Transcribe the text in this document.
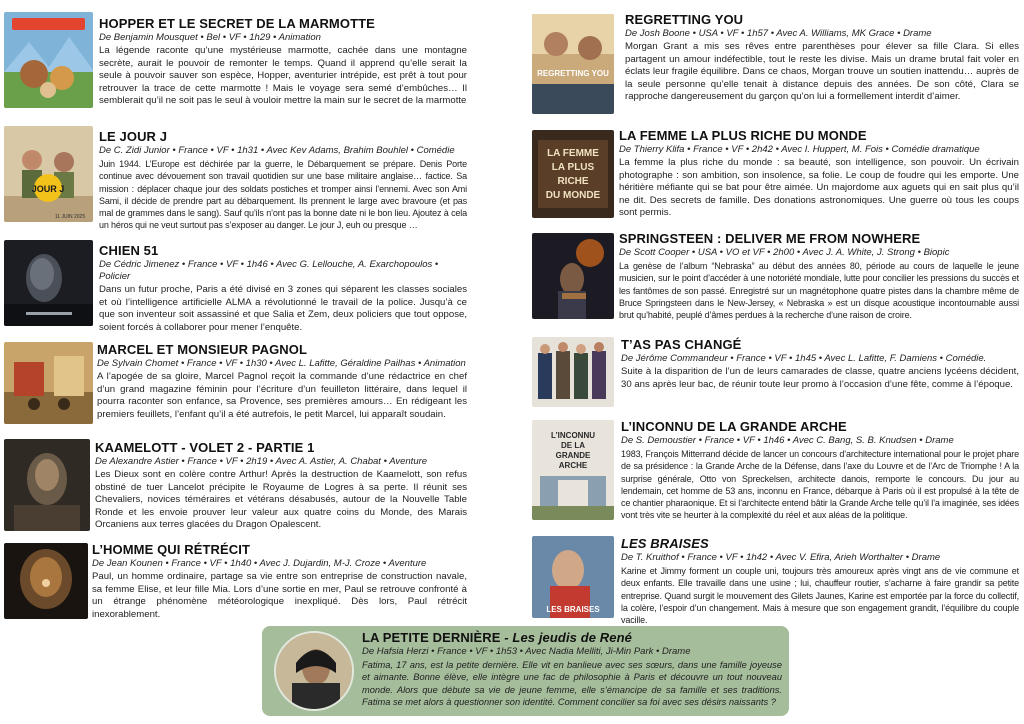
HOPPER ET LE SECRET DE LA MARMOTTE
De Benjamin Mousquet • Bel • VF • 1h29 • Animation
La légende raconte qu’une mystérieuse marmotte, cachée dans une montagne secrète, aurait le pouvoir de remonter le temps. Quand il apprend qu’elle serait la seule à pouvoir sauver son espèce, Hopper, aventurier intrépide, est prêt à tout pour retrouver la trace de cette marmotte ! Mais le voyage sera semé d’embûches… Il semblerait qu’il ne soit pas le seul à vouloir mettre la main sur le secret de la marmotte
JOUR J
11 JUIN 2025
LE JOUR J
De C. Zidi Junior • France • VF • 1h31 • Avec Kev Adams, Brahim Bouhlel • Comédie
Juin 1944. L’Europe est déchirée par la guerre, le Débarquement se prépare. Denis Porte continue avec dévouement son travail quotidien sur une base militaire anglaise… factice. Sa mission : déplacer chaque jour des soldats postiches et tromper ainsi l’ennemi. Avec son Ami Sami, il décide de prendre part au débarquement. Ils prennent le large avec bravoure (et pas mal de grammes dans le sang). Sauf qu’ils n’ont pas la bonne date ni le bon lieu. Ajoutez à cela un héros qui ne veut surtout pas s’exposer au danger. Le jour J, euh ou presque …
CHIEN 51
De Cédric Jimenez • France • VF • 1h46 • Avec G. Lellouche, A. Exarchopoulos • Policier
Dans un futur proche, Paris a été divisé en 3 zones qui séparent les classes sociales et où l’intelligence artificielle ALMA a révolutionné le travail de la police. Jusqu’à ce que son inventeur soit assassiné et que Salia et Zem, deux policiers que tout oppose, soient forcés à collaborer pour mener l’enquête.
MARCEL ET MONSIEUR PAGNOL
De Sylvain Chomet • France • VF • 1h30 • Avec L. Lafitte, Géraldine Pailhas • Animation
A l’apogée de sa gloire, Marcel Pagnol reçoit la commande d’une rédactrice en chef d’un grand magazine féminin pour l’écriture d’un feuilleton littéraire, dans lequel il pourra raconter son enfance, sa Provence, ses premières amours… En rédigeant les premiers feuillets, l’enfant qu’il a été autrefois, le petit Marcel, lui apparaît soudain.
KAAMELOTT - VOLET 2 - PARTIE 1
De Alexandre Astier • France • VF • 2h19 • Avec A. Astier, A. Chabat • Aventure
Les Dieux sont en colère contre Arthur! Après la destruction de Kaamelott, son refus obstiné de tuer Lancelot précipite le Royaume de Logres à sa perte. Il réunit ses Chevaliers, novices téméraires et vétérans désabusés, autour de la Nouvelle Table Ronde et les envoie prouver leur valeur aux quatre coins du Monde, des Marais Orcaniens aux terres glacées du Dragon Opalescent.
L’HOMME QUI RÉTRÉCIT
De Jean Kounen • France • VF • 1h40 • Avec J. Dujardin, M-J. Croze • Aventure
Paul, un homme ordinaire, partage sa vie entre son entreprise de construction navale, sa femme Elise, et leur fille Mia. Lors d’une sortie en mer, Paul se retrouve confronté à un étrange phénomène météorologique inexpliqué. Dès lors, Paul rétrécit inexorablement.
REGRETTING YOU
REGRETTING YOU
De Josh Boone • USA • VF • 1h57 • Avec A. Williams, MK Grace • Drame
Morgan Grant a mis ses rêves entre parenthèses pour élever sa fille Clara. Si elles partagent un amour indéfectible, tout le reste les divise. Mais un drame brutal fait voler en éclats leur fragile équilibre. Dans ce chaos, Morgan trouve un soutien inattendu… auprès de la seule personne qu’elle tenait à distance depuis des années. De son côté, Clara se rapproche dangereusement du garçon qu’on lui a formellement interdit d’aimer.
LA FEMME
LA PLUS
RICHE
DU MONDE
LA FEMME LA PLUS RICHE DU MONDE
De Thierry Klifa • France • VF • 2h42 • Avec I. Huppert, M. Fois • Comédie dramatique
La femme la plus riche du monde : sa beauté, son intelligence, son pouvoir. Un écrivain photographe : son ambition, son insolence, sa folie. Le coup de foudre qui les emporte. Une héritière méfiante qui se bat pour être aimée. Un majordome aux aguets qui en sait plus qu’il ne dit. Des secrets de famille. Des donations astronomiques. Une guerre où tous les coups sont permis.
SPRINGSTEEN : DELIVER ME FROM NOWHERE
De Scott Cooper • USA • VO et VF • 2h00 • Avec J. A. White, J. Strong • Biopic
La genèse de l’album “Nebraska” au début des années 80, période au cours de laquelle le jeune musicien, sur le point d’accéder à une notoriété mondiale, lutte pour concilier les pressions du succès et les fantômes de son passé. Enregistré sur un magnétophone quatre pistes dans la chambre même de Bruce Springsteen dans le New-Jersey, « Nebraska » est un disque acoustique incontournable aussi brut qu’habité, peuplé d’âmes perdues à la recherche d’une raison de croire.
T’AS PAS CHANGÉ
De Jérôme Commandeur • France • VF • 1h45 • Avec L. Lafitte, F. Damiens • Comédie.
Suite à la disparition de l’un de leurs camarades de classe, quatre anciens lycéens décident, 30 ans après leur bac, de réunir toute leur promo à l’occasion d’une fête, comme à l’époque.
L’INCONNU
DE LA
GRANDE
ARCHE
L’INCONNU DE LA GRANDE ARCHE
De S. Demoustier • France • VF • 1h46 • Avec C. Bang, S. B. Knudsen • Drame
1983, François Mitterrand décide de lancer un concours d’architecture international pour le projet phare de sa présidence : la Grande Arche de la Défense, dans l’axe du Louvre et de l’Arc de Triomphe ! A la surprise générale, Otto von Spreckelsen, architecte danois, remporte le concours. Du jour au lendemain, cet homme de 53 ans, inconnu en France, débarque à Paris où il est propulsé à la tête de ce chantier pharaonique. Et si l’architecte entend bâtir la Grande Arche telle qu’il l’a imaginée, ses idées vont très vite se heurter à la complexité du réel et aux aléas de la politique.
LES BRAISES
LES BRAISES
De T. Kruithof • France • VF • 1h42 • Avec V. Efira, Arieh Worthalter • Drame
Karine et Jimmy forment un couple uni, toujours très amoureux après vingt ans de vie commune et deux enfants. Elle travaille dans une usine ; lui, chauffeur routier, s’acharne à faire grandir sa petite entreprise. Quand surgit le mouvement des Gilets Jaunes, Karine est emportée par la force du collectif, la colère, l’espoir d’un changement. Mais à mesure que son engagement grandit, l’équilibre du couple vacille.
LA PETITE DERNIÈRE - Les jeudis de René
De Hafsia Herzi • France • VF • 1h53 • Avec Nadia Melliti, Ji-Min Park • Drame
Fatima, 17 ans, est la petite dernière. Elle vit en banlieue avec ses sœurs, dans une famille joyeuse et aimante. Bonne élève, elle intègre une fac de philosophie à Paris et découvre un tout nouveau monde. Alors que débute sa vie de jeune femme, elle s’émancipe de sa famille et ses traditions. Fatima se met alors à questionner son identité. Comment concilier sa foi avec ses désirs naissants ?
